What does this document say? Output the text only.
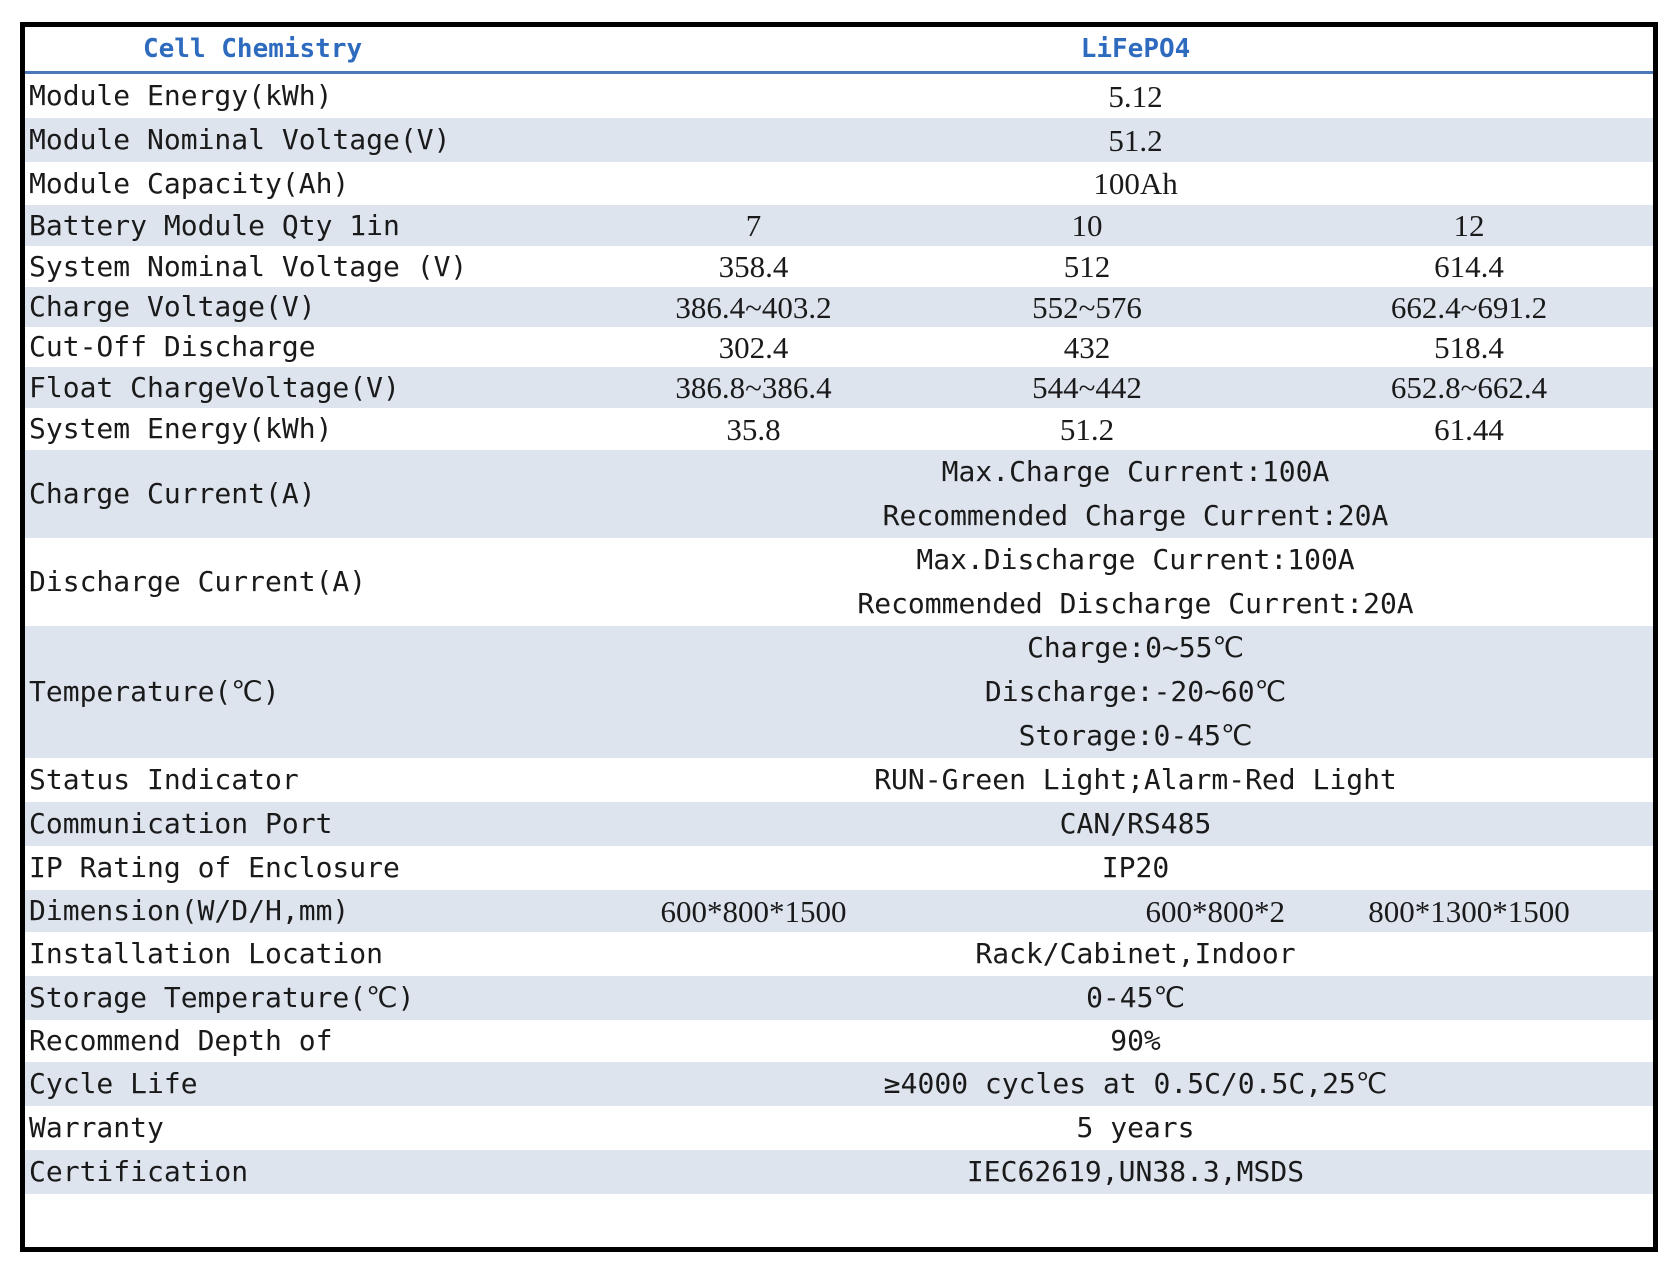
Cell Chemistry	LiFePO4			
Module Energy(kWh)	5.12			
Module Nominal Voltage(V)	51.2			
Module Capacity(Ah)	100Ah			
Battery Module Qty 1in	7	10	12	
System Nominal Voltage (V)	358.4	512	614.4	
Charge Voltage(V)	386.4~403.2	552~576	662.4~691.2	
Cut-Off Discharge	302.4	432	518.4	
Float ChargeVoltage(V)	386.8~386.4	544~442	652.8~662.4	
System Energy(kWh)	35.8	51.2	61.44	
Charge Current(A)	Max.Charge Current:100A
Recommended Charge Current:20A			

Discharge Current(A)	Max.Discharge Current:100A
Recommended Discharge Current:20A			

Temperature(℃)	Charge:0~55℃
Discharge:-20~60℃
Storage:0-45℃			

Status Indicator	RUN-Green Light;Alarm-Red Light			
Communication Port	CAN/RS485			
IP Rating of Enclosure	IP20			
Dimension(W/D/H,mm)	600*800*1500	600*800*2	800*1300*1500	
Installation Location	Rack/Cabinet,Indoor			
Storage Temperature(℃)	0-45℃			
Recommend Depth of	90%			
Cycle Life	≥4000 cycles at 0.5C/0.5C,25℃			
Warranty	5 years			
Certification	IEC62619,UN38.3,MSDS			
